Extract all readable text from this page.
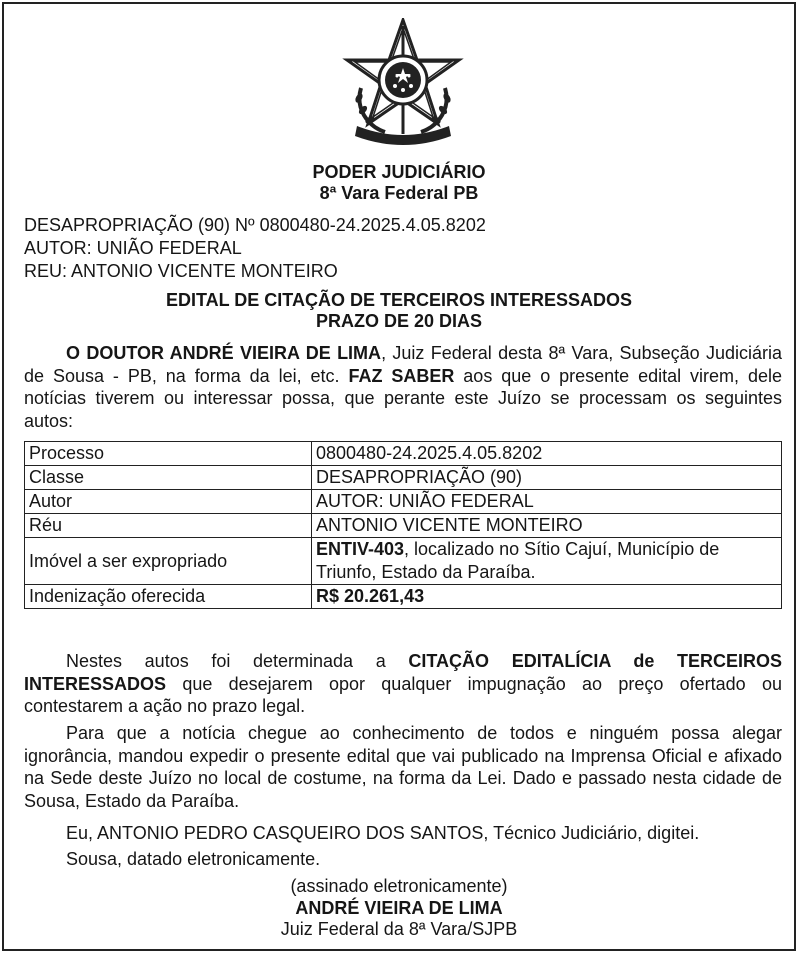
PODER JUDICIÁRIO
8ª Vara Federal PB
DESAPROPRIAÇÃO (90) Nº 0800480-24.2025.4.05.8202
AUTOR: UNIÃO FEDERAL
REU: ANTONIO VICENTE MONTEIRO
EDITAL DE CITAÇÃO DE TERCEIROS INTERESSADOS
PRAZO DE 20 DIAS
O DOUTOR ANDRÉ VIEIRA DE LIMA, Juiz Federal desta 8ª Vara, Subseção Judiciária de Sousa - PB, na forma da lei, etc. FAZ SABER aos que o presente edital virem, dele notícias tiverem ou interessar possa, que perante este Juízo se processam os seguintes autos:
Processo	0800480-24.2025.4.05.8202
Classe	DESAPROPRIAÇÃO (90)
Autor	AUTOR: UNIÃO FEDERAL
Réu	ANTONIO VICENTE MONTEIRO
Imóvel a ser expropriado	ENTIV-403, localizado no Sítio Cajuí, Município de
Triunfo, Estado da Paraíba.
Indenização oferecida	R$ 20.261,43
Nestes autos foi determinada a CITAÇÃO EDITALÍCIA de TERCEIROS INTERESSADOS que desejarem opor qualquer impugnação ao preço ofertado ou contestarem a ação no prazo legal.
Para que a notícia chegue ao conhecimento de todos e ninguém possa alegar ignorância, mandou expedir o presente edital que vai publicado na Imprensa Oficial e afixado na Sede deste Juízo no local de costume, na forma da Lei. Dado e passado nesta cidade de Sousa, Estado da Paraíba.
Eu, ANTONIO PEDRO CASQUEIRO DOS SANTOS, Técnico Judiciário, digitei.
Sousa, datado eletronicamente.
(assinado eletronicamente)
ANDRÉ VIEIRA DE LIMA
Juiz Federal da 8ª Vara/SJPB
